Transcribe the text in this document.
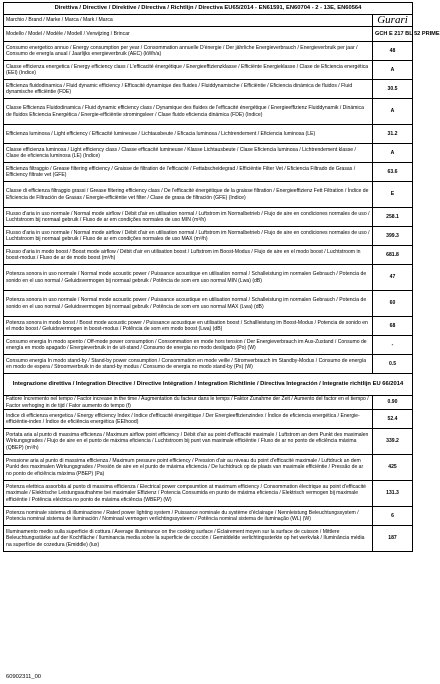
Direttiva / Directive / Direktive / Directiva / Richtlijn / Directiva EU65/2014 - EN61591, EN60704 - 2 - 13E, EN60564	
Marchio / Brand / Marke / Marca / Mark / Marca	Gurari
Modello / Model / Modèle / Modell / Verwijzing / Brincar	GCH E 217 BL 52 PRIME
Consumo energetico annuo / Energy consumption per year / Consommation annuelle D'énergie / Der jährliche Energieverbrauch / Energieverbruik per jaar / Consumo de energía anual / Jaarlijks energieverbruik (AEC) (kWh/a)	48
Classe efficienza energetica / Energy efficiency class / L'efficacité énergétique / Energieeffizienzklasse / Efficiënte Energieklasse / Clase de Eficiencia energética (EEI) (Indice)	A
Efficienza fluidodinamica / Fluid dynamic efficiency / Efficacité dynamique des fluides / Fluiddynamische / Efficiëntie / Eficiencia dinámica de fluidos / Fluid dynamische efficiëntie (FDE)	30.5
Classe Efficienza Fluidodinamica / Fluid dynamic efficiency class / Dynamique des fluides de l'efficacité énergétique / Energieeffizienz Fluiddynamik / Dinámica de fluidos Eficiencia Energética / Energie-efficiëntie stromingsleer / Clase fluido eficiencia dinámica (FDE) (Indice)	A
Efficienza luminosa / Light efficiency / Efficacité lumineuse / Lichtausbeute / Eficacia luminosa / Lichtrendement / Eficiencia luminosa (LE)	31.2
Classe efficienza luminosa / Light efficiency class / Classe efficacité lumineuse / Klasse Lichtausbeute / Clase Eficiencia luminosa / Lichtrendement klasse / Clase de eficiencia luminosa (LE) (Indice)	A
Efficienza filtraggio / Grease filtering efficiency / Graisse de filtration de l'efficacité / Fettabscheidegrad / Efficiëntie Filter Vet / Eficiencia Filtrado de Grasas / Efficiency filtrate vet (GFE)	63.6
Classe di efficienza filtraggio grassi / Grease filtering efficiency class / De l'efficacité énergétique de la graisse filtration / Energieeffizienz Fett Filtration / Índice de Eficiencia de Filtración de Grasas / Energie-efficiëntie vet filter / Clase de grasa de filtración (GFE) (Indice)	E
Flusso d'aria in uso normale / Normal mode airflow / Débit d'air en utilisation normal / Luftstrom im Normalbetrieb / Flujo de aire en condiciones normales de uso / Luchtstroom bij normaal gebruik / Fluxo de ar em condições normales de uso MIN (m³/h)	258.1
Flusso d'aria in uso normale / Normal mode airflow / Débit d'air en utilisation normal / Luftstrom im Normalbetrieb / Flujo de aire en condiciones normales de uso / Luchtstroom bij normaal gebruik / Fluxo de ar em condições normales de uso MAX (m³/h)	399.3
Flusso d'aria in modo boost / Boost mode airflow / Débit d'air en utilisation boost / Luftstrom im Boost-Modus / Flujo de aire en el modo boost / Luchtstroom in boost-modus / Fluxo de ar de modo boost (m³/h)	681.8
Potenza sonora in uso normale / Normal mode acoustic power / Puissance acoustique en utilisation normal / Schalleistung im normalen Gebrauch / Potencia de sonido en el uso normal / Geluidsvermogen bij normaal gebruik / Potência de som em uso normal MIN (Lwa) (dB)	47
Potenza sonora in uso normale / Normal mode acoustic power / Puissance acoustique en utilisation normal / Schalleistung im normalen Gebrauch / Potencia de sonido en el uso normal / Geluidsvermogen bij normaal gebruik / Potência de som em uso normal MAX (Lwa) (dB)	60
Potenza sonora in modo boost / Boost mode acoustic power / Puissance acoustique en utilisation boost / Schallleistung im Boost-Modus / Potencia de sonido en el modo boost / Geluidsvermogen in boost-modus / Potência de som em modo boost (Lwa) (dB)	68
Consumo energia In modo spento / Off-mode power consumption / Consommation en mode hors tension / Der Energieverbrauch im Aus-Zustand / Consumo de energía en modo apagado / Energieverbruik in de uit-stand / Consumo de energia no modo desligado (Po) (W)	-
Consumo energia In modo stand-by / Stand-by power consumption / Consommation en mode veille / Stromverbrauch im Standby-Modus / Consumo de energía en modo de espera / Stroomverbruik in de stand-by modus / Consumo de energia no modo stand-by (Ps) (W)	0.5
Integrazione direttiva / Integration Directive / Directive Intégration / Integration Richtlinie / Directiva Integración / Integratie richtlijn EU 66/2014	
Fattore Incremento nel tempo / Factor increase in the time / Augmentation du facteur dans le temps / Faktor Zunahme der Zeit / Aumento del factor en el tiempo / Factor verhoging in de tijd / Fator aumento do tempo (f)	0.90
Indice di efficienza energetica / Energy efficiency Index / Indice d'efficacité énergétique / Der Energieeffizienzindex / Índice de eficiencia energética / Energie-efficiëntie-index / Índice de eficiência energética (EEIhood)	52.4
Portata aria al punto di massima efficienza / Maximum airflow point efficiency / Débit d'air au point d'efficacité maximale / Luftstrom an dem Punkt des maximalen Wirkungsgrades / Flujo de aire en el punto de máxima eficiencia / Luchtstroom bij punt van maximale efficiëntie / Fluxo de ar no ponto de eficiência máxima (QBEP) (m³/h)	339.2
Pressione aria al punto di massima efficienza / Maximum pressure point efficiency / Pression d'air au niveau du point d'efficacité maximale / Luftdruck an dem Punkt des maximalen Wirkungsgrades / Presión de aire en el punto de máxima eficiencia / De luchtdruck op de plaats van maximale efficiëntie / Pressão de ar no ponto de eficiência máxima (PBEP) (Pa)	425
Potenza elettrica assorbita al punto di massima efficienza / Electrical power compsumtion at maximum efficiency / Consommation électrique au point d'efficacité maximale / Elektrische Leistungsaufnahme bei maximaler Effizienz / Potencia Consumida en punto de máxima eficiencia / Elektrisch vermogen bij maximale efficiëntie / Potência eléctrica no ponto de máxima eficiência (WBEP) (W)	131.3
Potenza nominale sistema di illuminazione / Rated power lighting system / Puissance nominale du système d'éclairage / Nennleistung Beleuchtungssystem / Potencia nominal sistema de iluminación / Nominaal vermogen verlichtingssysteem / Potência nominal sistema de iluminação (WL) (W)	6
Illuminamento medio sulla superficie di cottura / Average illuminance on the cooking surface / Éclairement moyen sur la surface de cuisson / Mittlere Beleuchtungsstärke auf der Kochfläche / Iluminancia media sobre la superficie de cocción / Gemiddelde verlichtingssterkte op het werkvlak / Iluminância média na superfície de cozedura (Emiddle) (lux)	187
60902311_00
